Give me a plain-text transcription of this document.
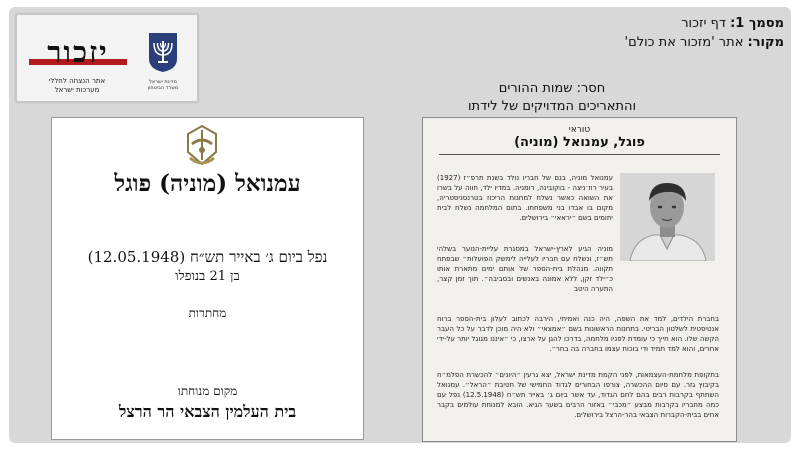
יזכור
אתר הנצחה לחללי
מערכות ישראל
מדינת ישראל
משרד הביטחון
מסמך 1: דף יזכור
מקור: אתר 'מזכור את כולם'
חסר: שמות ההורים
והתאריכים המדויקים של לידתו
עמנואל (מוניה) פוגל
נפל ביום ג׳ באייר תש״ח (12.05.1948)
בן 21 בנופלו
מחתרות
מקום מנוחתו
בית העלמין הצבאי הר הרצל
טוראי
פוגל, עמנואל (מוניה)
עמנואל מוניה, בנם של חבריו נולד בשנת תרפ״ז (1927) בעיר רוז׳ניצה - בוקובינה, רומניה. במדיו ילד, חווה על בשרו את השואה כאשר נשלח למחנות הריכוז בטרנסניסטריה, מקום בו אבדו בני משפחתו. בתום המלחמה נשלח לבית יתומים בשם ״יראאי״ בירושלים.
מוניה הגיע לארץ-ישראל במסגרת עליית-הנוער בשלהי תש״ז, ונשלח עם חבריו לעלייה לימשק הפועלות״ שבפתח תקווה. מנהלת בית-הספר של אותם ימים מתארת אותו כ״ילד זקן, ללא אמונה באנשים ובסביבה״. תוך זמן קצר, התערה היטב
בחברת הילדים, למד את השפה, היה כנה ואמיתי, הירבה לכתוב לעלון בית-הספר ברוח אנטיפטית לשלטון הבריטי. בתחנות הראשונות בשם ״אמצאי״ ולא היה מוכן לדבר על כל העבר הקשה שלו. הוא חייך כי עומדת לפניו מלחמה, בדרכו להגן על ארצו, כי ״איננו מגוגל יותר על-ידי אחרים, והוא למד תמיד ודי בוכות עצמו בחברה בה בחר״.
בתקופת מלחמת-העצמאות, לפני הקמת מדינת ישראל, יצא גרעין ״היונים״ להכשרת הפלמ״ח בקיבוץ גזר. עם סיום ההכשרה, צורפו הבחורים לגדוד החמישי של חטיבת ״הראל״. עמנואל השתתף בקרבות רבים בהם לחם הגדוד, עד אשר ביום ג׳ באייר תש״ח (12.5.1948) נפל עם כמה מחבריו בקרבות מבצע ״מכבי״ באזור הרבים בשער הגיא. הובא למנוחת עולמים בקבר אחים בבית-הקברות הצבאי בהר-הרצל בירושלים.
